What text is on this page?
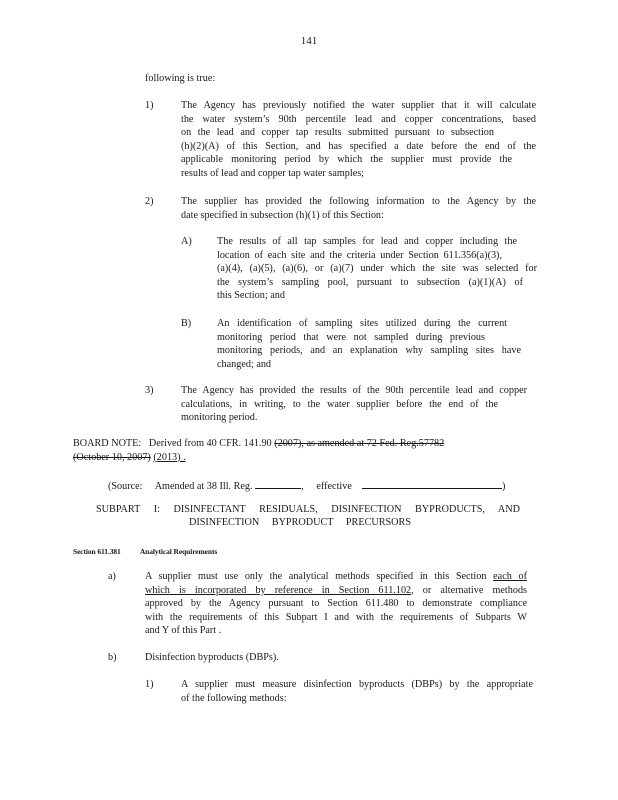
141
following is true:
1)	The Agency has previously notified the water supplier that it will calculate
the water system’s 90th percentile lead and copper concentrations, based
on the lead and copper tap results submitted pursuant to subsection
(h)(2)(A) of this Section, and has specified a date before the end of the
applicable monitoring period by which the supplier must provide the
results of lead and copper tap water samples;
2)	The supplier has provided the following information to the Agency by the
date specified in subsection (h)(1) of this Section:
A) The results of all tap samples for lead and copper including the
location of each site and the criteria under Section 611.356(a)(3),
(a)(4), (a)(5), (a)(6), or (a)(7) under which the site was selected for
the system’s sampling pool, pursuant to subsection (a)(1)(A) of
this Section; and
B)	An identification of sampling sites utilized during the current
monitoring period that were not sampled during previous
monitoring periods, and an explanation why sampling sites have
changed; and
3)	The Agency has provided the results of the 90th percentile lead and copper
calculations, in writing, to the water supplier before the end of the
monitoring period.
BOARD NOTE: Derived from 40 CFR. 141.90 (2007), as amended at 72 Fed. Reg.57782
(October 10, 2007) (2013) .
(Source: Amended at 38 Ill. Reg.	,     effective	)
SUBPART I: DISINFECTANT RESIDUALS, DISINFECTION BYPRODUCTS, AND
DISINFECTION BYPRODUCT PRECURSORS
Section 611.381	Analytical Requirements
a)	A supplier must use only the analytical methods specified in this Section each of
which is incorporated by reference in Section 611.102, or alternative methods
approved by the Agency pursuant to Section 611.480 to demonstrate compliance
with the requirements of this Subpart I and with the requirements of Subparts W
and Y of this Part .
b)	Disinfection byproducts (DBPs).
1)	A supplier must measure disinfection byproducts (DBPs) by the appropriate
of the following methods:
